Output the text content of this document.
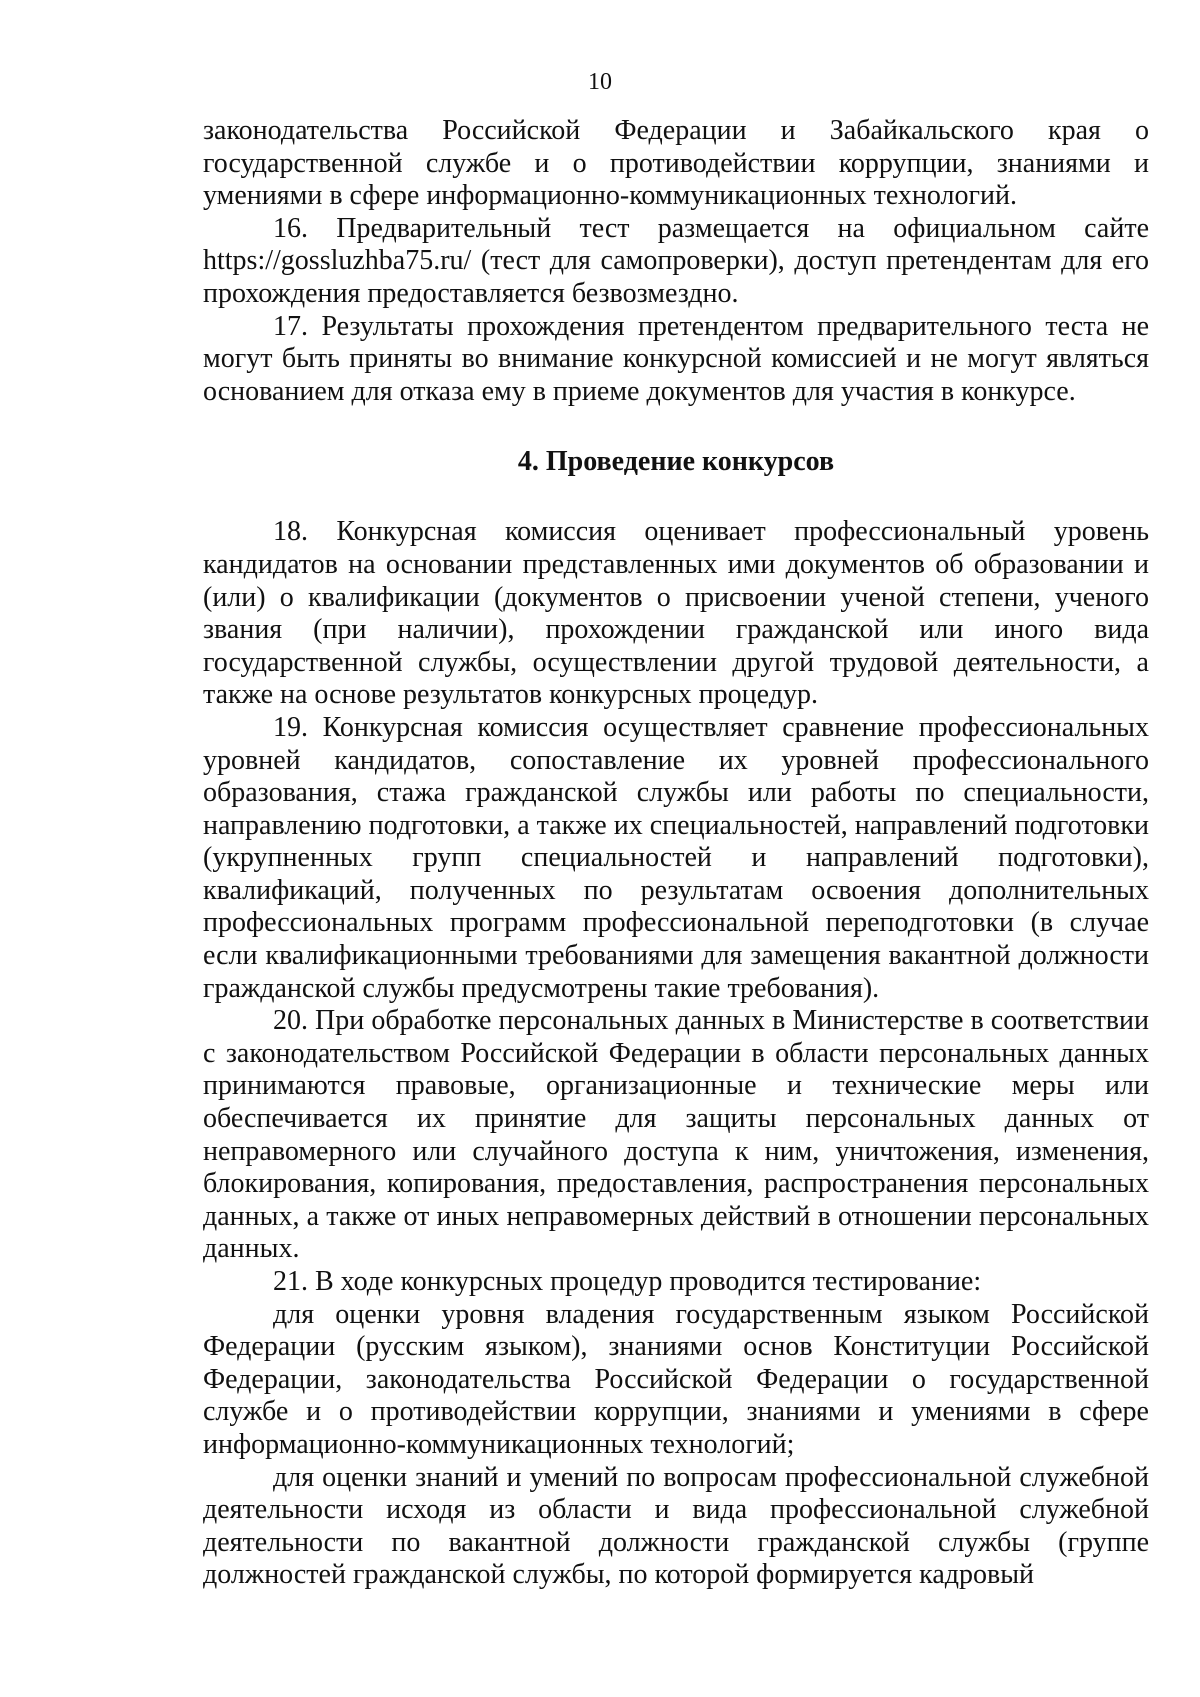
10

законодательства Российской Федерации и Забайкальского края о государственной службе и о противодействии коррупции, знаниями и умениями в сфере информационно-коммуникационных технологий.

16. Предварительный тест размещается на официальном сайте https://gossluzhba75.ru/ (тест для самопроверки), доступ претендентам для его прохождения предоставляется безвозмездно.

17. Результаты прохождения претендентом предварительного теста не могут быть приняты во внимание конкурсной комиссией и не могут являться основанием для отказа ему в приеме документов для участия в конкурсе.

4. Проведение конкурсов

18. Конкурсная комиссия оценивает профессиональный уровень кандидатов на основании представленных ими документов об образовании и (или) о квалификации (документов о присвоении ученой степени, ученого звания (при наличии), прохождении гражданской или иного вида государственной службы, осуществлении другой трудовой деятельности, а также на основе результатов конкурсных процедур.

19. Конкурсная комиссия осуществляет сравнение профессиональных уровней кандидатов, сопоставление их уровней профессионального образования, стажа гражданской службы или работы по специальности, направлению подготовки, а также их специальностей, направлений подготовки (укрупненных групп специальностей и направлений подготовки), квалификаций, полученных по результатам освоения дополнительных профессиональных программ профессиональной переподготовки (в случае если квалификационными требованиями для замещения вакантной должности гражданской службы предусмотрены такие требования).

20. При обработке персональных данных в Министерстве в соответствии с законодательством Российской Федерации в области персональных данных принимаются правовые, организационные и технические меры или обеспечивается их принятие для защиты персональных данных от неправомерного или случайного доступа к ним, уничтожения, изменения, блокирования, копирования, предоставления, распространения персональных данных, а также от иных неправомерных действий в отношении персональных данных.

21. В ходе конкурсных процедур проводится тестирование:

для оценки уровня владения государственным языком Российской Федерации (русским языком), знаниями основ Конституции Российской Федерации, законодательства Российской Федерации о государственной службе и о противодействии коррупции, знаниями и умениями в сфере информационно-коммуникационных технологий;

для оценки знаний и умений по вопросам профессиональной служебной деятельности исходя из области и вида профессиональной служебной деятельности по вакантной должности гражданской службы (группе должностей гражданской службы, по которой формируется кадровый
